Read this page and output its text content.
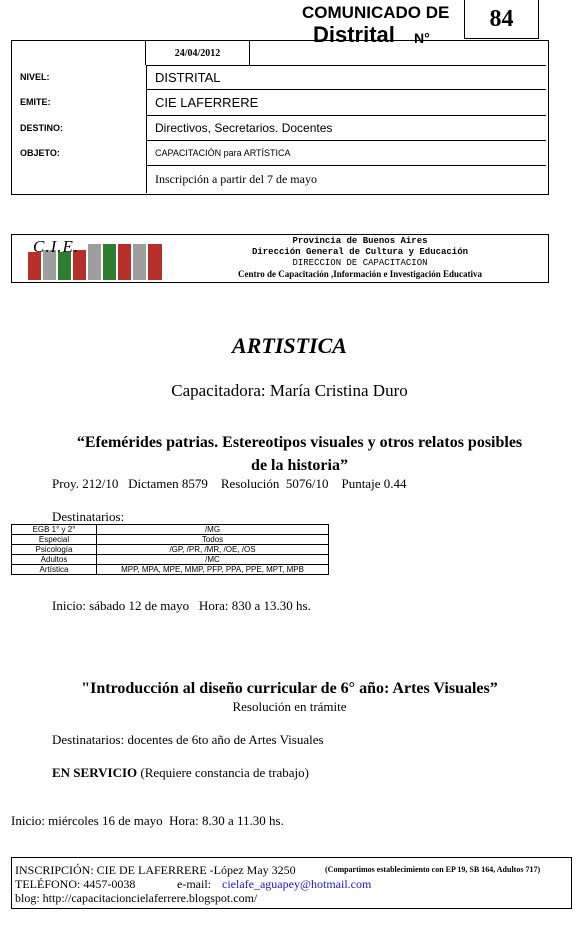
COMUNICADO DE
Distrital N°
84
24/04/2012
NIVEL:	DISTRITAL
EMITE:	CIE LAFERRERE
DESTINO:	Directivos, Secretarios. Docentes
OBJETO:	CAPACITACIÓN para ARTÍSTICA
Inscripción a partir del 7 de mayo
C.I.E.	Provincia de Buenos Aires
Dirección General de Cultura y Educación
DIRECCION DE CAPACITACION
Centro de Capacitación ,Información e Investigación Educativa
ARTISTICA
Capacitadora: María Cristina Duro
“Efemérides patrias. Estereotipos visuales y otros relatos posibles
de la historia”
Proy. 212/10   Dictamen 8579    Resolución  5076/10    Puntaje 0.44
Destinatarios:
EGB 1° y 2°	/MG
Especial	Todos
Psicología	/GP, /PR, /MR, /OE, /OS
Adultos	/MC
Artística	MPP, MPA, MPE, MMP, PFP, PPA, PPE, MPT, MPB
Inicio: sábado 12 de mayo   Hora: 830 a 13.30 hs.
"Introducción al diseño curricular de 6° año: Artes Visuales”
Resolución en trámite
Destinatarios: docentes de 6to año de Artes Visuales
EN SERVICIO (Requiere constancia de trabajo)
Inicio: miércoles 16 de mayo  Hora: 8.30 a 11.30 hs.
INSCRIPCIÓN: CIE DE LAFERRERE -López May 3250	(Compartimos establecimiento con EP 19, SB 164, Adultos 717)
TELÉFONO: 4457-0038	e-mail: cielafe_aguapey@hotmail.com
blog: http://capacitacioncielaferrere.blogspot.com/
